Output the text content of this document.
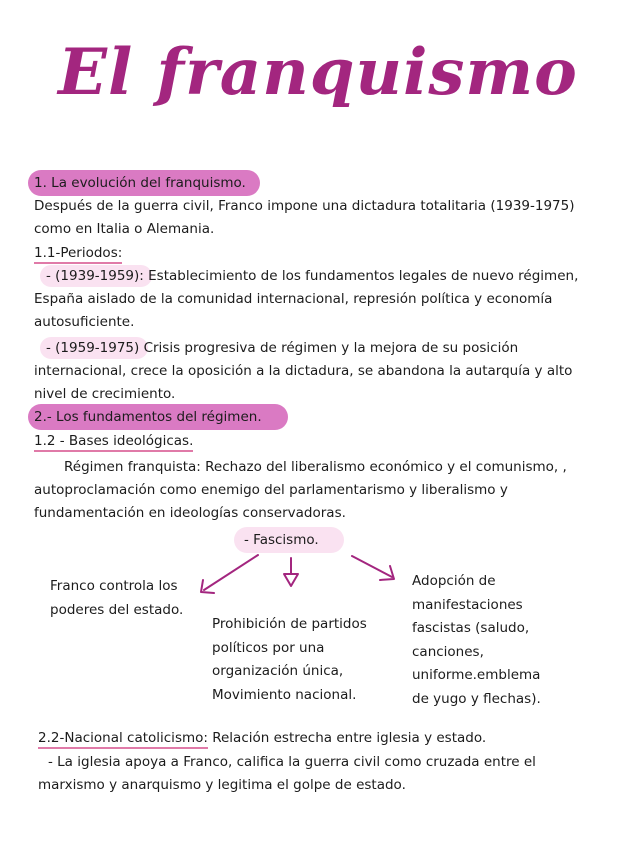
El franquismo
1. La evolución del franquismo.
Después de la guerra civil, Franco impone una dictadura totalitaria (1939-1975)
como en Italia o Alemania.
1.1-Periodos:
- (1939-1959): Establecimiento de los fundamentos legales de nuevo régimen,
España aislado de la comunidad internacional, represión política y economía
autosuficiente.
- (1959-1975) Crisis progresiva de régimen y la mejora de su posición
internacional, crece la oposición a la dictadura, se abandona la autarquía y alto
nivel de crecimiento.
2.- Los fundamentos del régimen.
1.2 - Bases ideológicas.
Régimen franquista: Rechazo del liberalismo económico y el comunismo, ,
autoproclamación como enemigo del parlamentarismo y liberalismo y
fundamentación en ideologías conservadoras.
- Fascismo.
Franco controla los
poderes del estado.
Prohibición de partidos
políticos por una
organización única,
Movimiento nacional.
Adopción de
manifestaciones
fascistas (saludo,
canciones,
uniforme.emblema
de yugo y flechas).
2.2-Nacional catolicismo: Relación estrecha entre iglesia y estado.
- La iglesia apoya a Franco, califica la guerra civil como cruzada entre el
marxismo y anarquismo y legitima el golpe de estado.
